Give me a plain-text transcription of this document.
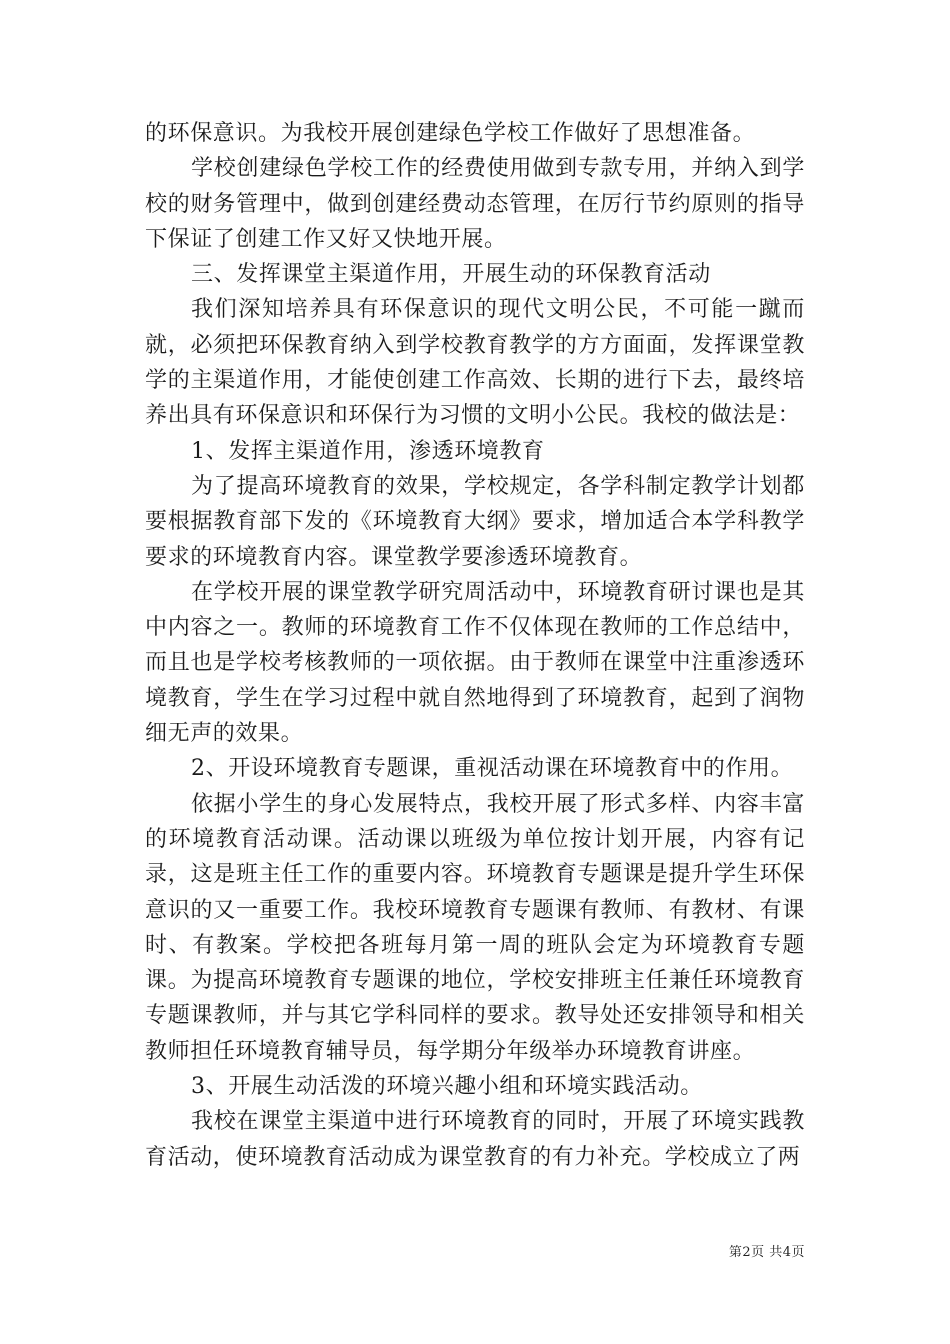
的环保意识。为我校开展创建绿色学校工作做好了思想准备。

学校创建绿色学校工作的经费使用做到专款专用，并纳入到学校的财务管理中，做到创建经费动态管理，在厉行节约原则的指导下保证了创建工作又好又快地开展。

三、发挥课堂主渠道作用，开展生动的环保教育活动

我们深知培养具有环保意识的现代文明公民，不可能一蹴而就，必须把环保教育纳入到学校教育教学的方方面面，发挥课堂教学的主渠道作用，才能使创建工作高效、长期的进行下去，最终培养出具有环保意识和环保行为习惯的文明小公民。我校的做法是：

1、发挥主渠道作用，渗透环境教育

为了提高环境教育的效果，学校规定，各学科制定教学计划都要根据教育部下发的《环境教育大纲》要求，增加适合本学科教学要求的环境教育内容。课堂教学要渗透环境教育。

在学校开展的课堂教学研究周活动中，环境教育研讨课也是其中内容之一。教师的环境教育工作不仅体现在教师的工作总结中，而且也是学校考核教师的一项依据。由于教师在课堂中注重渗透环境教育，学生在学习过程中就自然地得到了环境教育，起到了润物细无声的效果。

2、开设环境教育专题课，重视活动课在环境教育中的作用。

依据小学生的身心发展特点，我校开展了形式多样、内容丰富的环境教育活动课。活动课以班级为单位按计划开展，内容有记录，这是班主任工作的重要内容。环境教育专题课是提升学生环保意识的又一重要工作。我校环境教育专题课有教师、有教材、有课时、有教案。学校把各班每月第一周的班队会定为环境教育专题课。为提高环境教育专题课的地位，学校安排班主任兼任环境教育专题课教师，并与其它学科同样的要求。教导处还安排领导和相关教师担任环境教育辅导员，每学期分年级举办环境教育讲座。

3、开展生动活泼的环境兴趣小组和环境实践活动。

我校在课堂主渠道中进行环境教育的同时，开展了环境实践教育活动，使环境教育活动成为课堂教育的有力补充。学校成立了两

第2页 共4页
